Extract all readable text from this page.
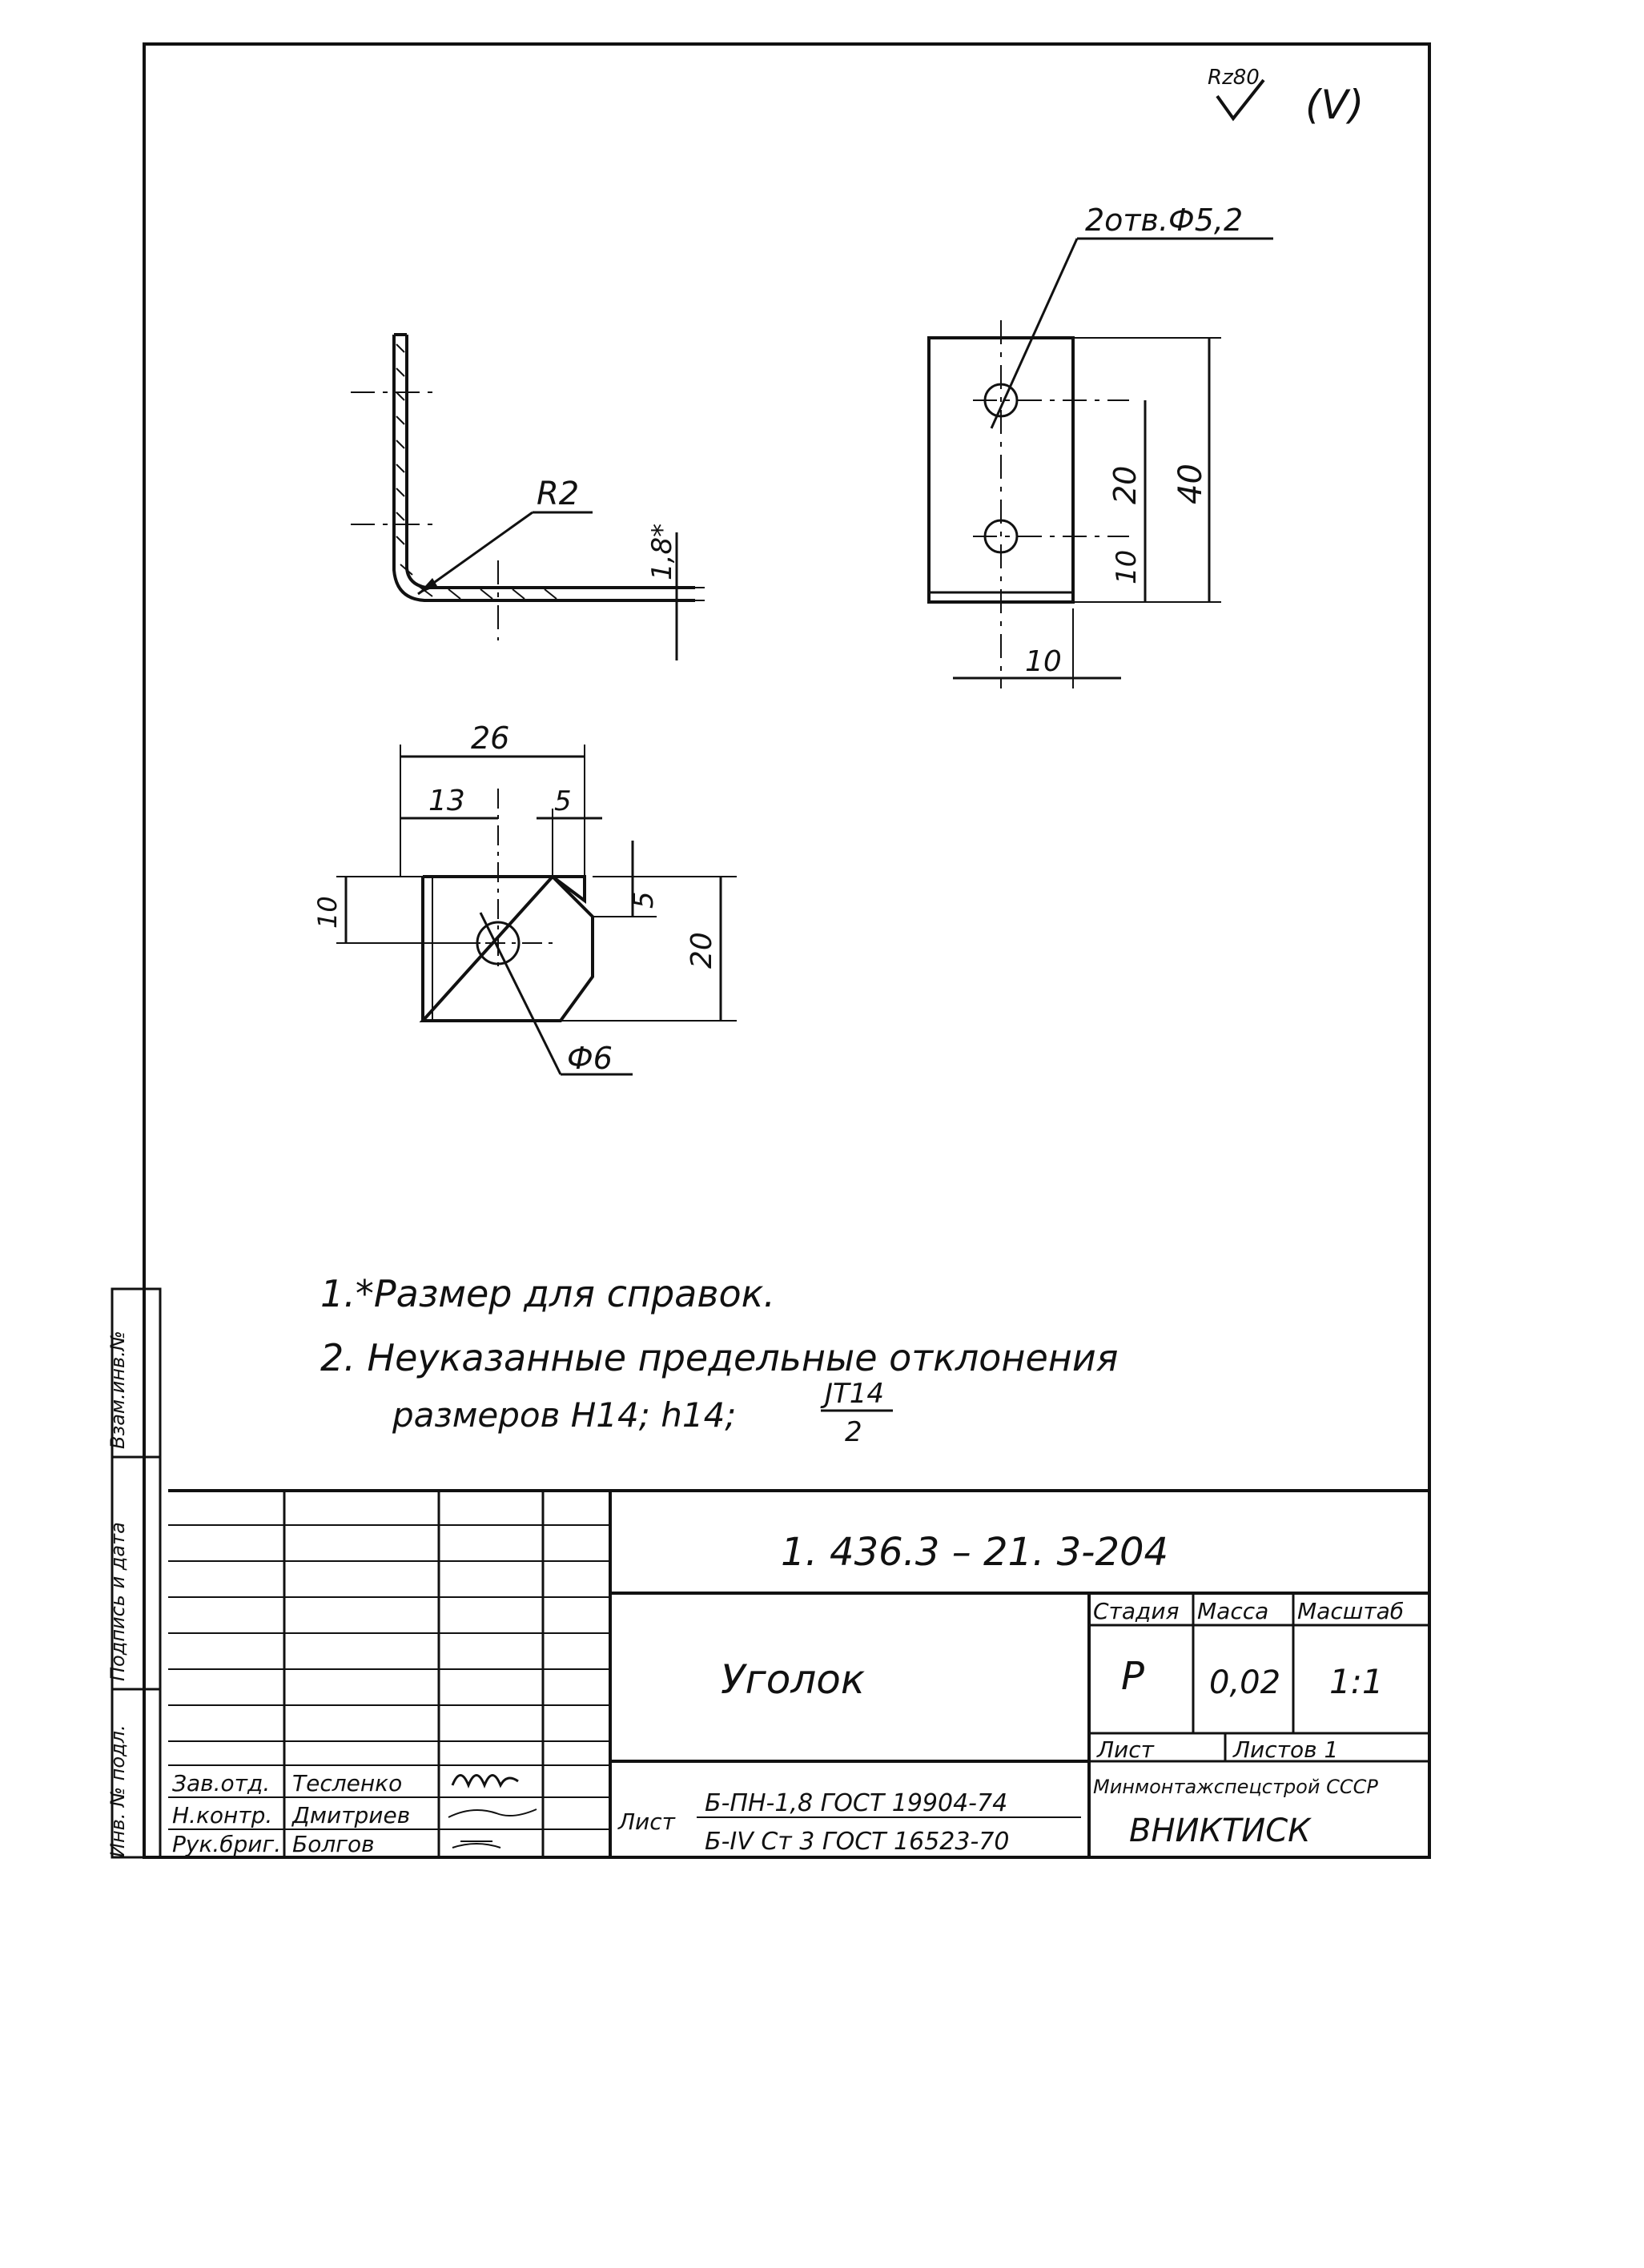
Rz80
(V)
R2
1,8*
2отв.Ф5,2
20 40
10
10
26
13	5
5
20
10
Ф6
1.*Размер для справок.
2. Неуказанные предельные отклонения
размеров Н14; h14;
JT14
2
Инв. № подл.
Подпись и дата
Взам.инв.№
Зав.отд. Тесленко
Н.контр. Дмитриев
Рук.бриг. Болгов
1. 436.3 – 21. 3-204
Уголок
Стадия Масса Масштаб
Р 0,02 1:1
Лист	Листов 1
Минмонтажспецстрой СССР
ВНИКТИСК
Лист
Б-ПН-1,8 ГОСТ 19904-74
Б-IV Ст 3 ГОСТ 16523-70
